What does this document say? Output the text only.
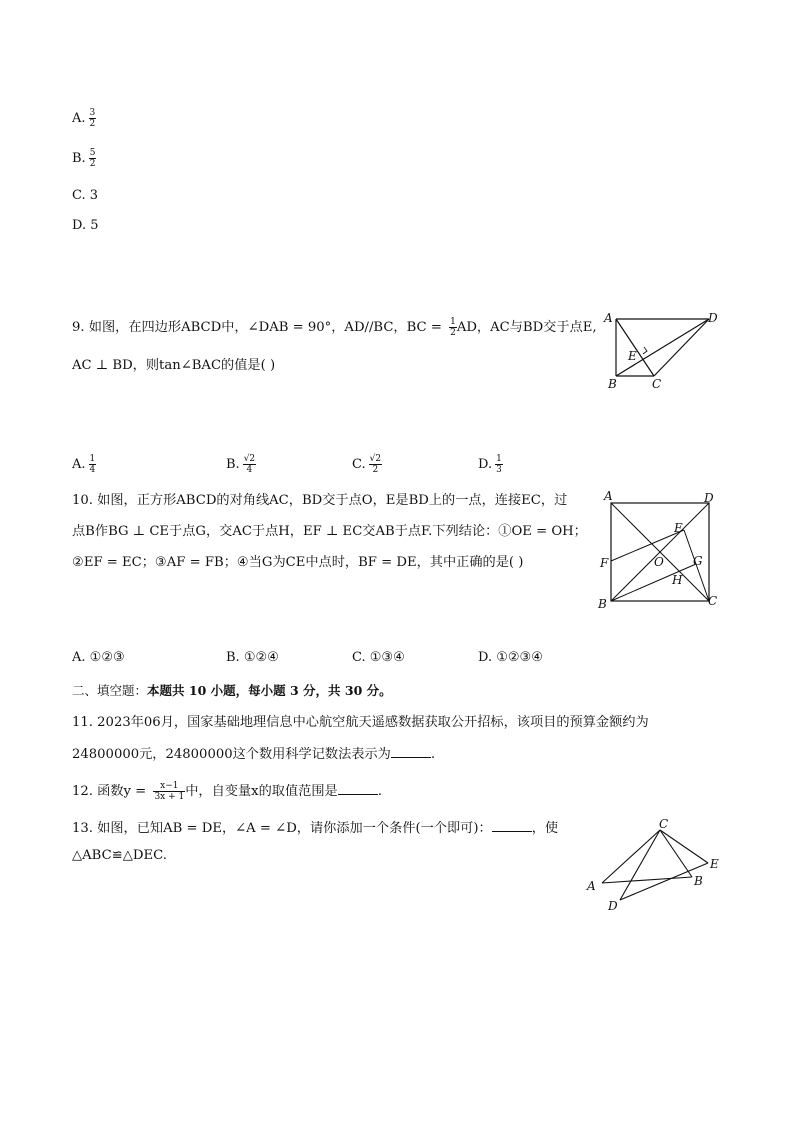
A. $\frac{3}{2}$
B. $\frac{5}{2}$
C. 3
D. 5
9. 如图，在四边形ABCD中，∠DAB = 90°，AD//BC，BC = $\frac{1}{2}$ AD，AC与BD交于点E,
AC ⊥ BD，则tan∠BAC的值是( )
A	D
E
B	C
A. $\frac{1}{4}$	B. $\frac{√2}{4}$	C. $\frac{√2}{2}$	D. $\frac{1}{3}$
10. 如图，正方形ABCD的对角线AC，BD交于点O，E是BD上的一点，连接EC，过
点B作BG ⊥ CE于点G，交AC于点H，EF ⊥ EC交AB于点F.下列结论：①OE = OH；
②EF = EC；③AF = FB；④当G为CE中点时，BF = DE，其中正确的是( )
A	D
E
F	O G
H
B	C
A. ①②③	B. ①②④	C. ①③④	D. ①②③④
二、填空题：本题共 10 小题，每小题 3 分，共 30 分。
11. 2023年06月，国家基础地理信息中心航空航天遥感数据获取公开招标，该项目的预算金额约为
24800000元，24800000这个数用科学记数法表示为	.
12. 函数$y = \frac{x-1}{3x + 1}$ 中，自变量x的取值范围是	.
13. 如图，已知AB = DE，∠A = ∠D，请你添加一个条件(一个即可)：	，使
△ABC≌△DEC.
C
E
A	B
D
